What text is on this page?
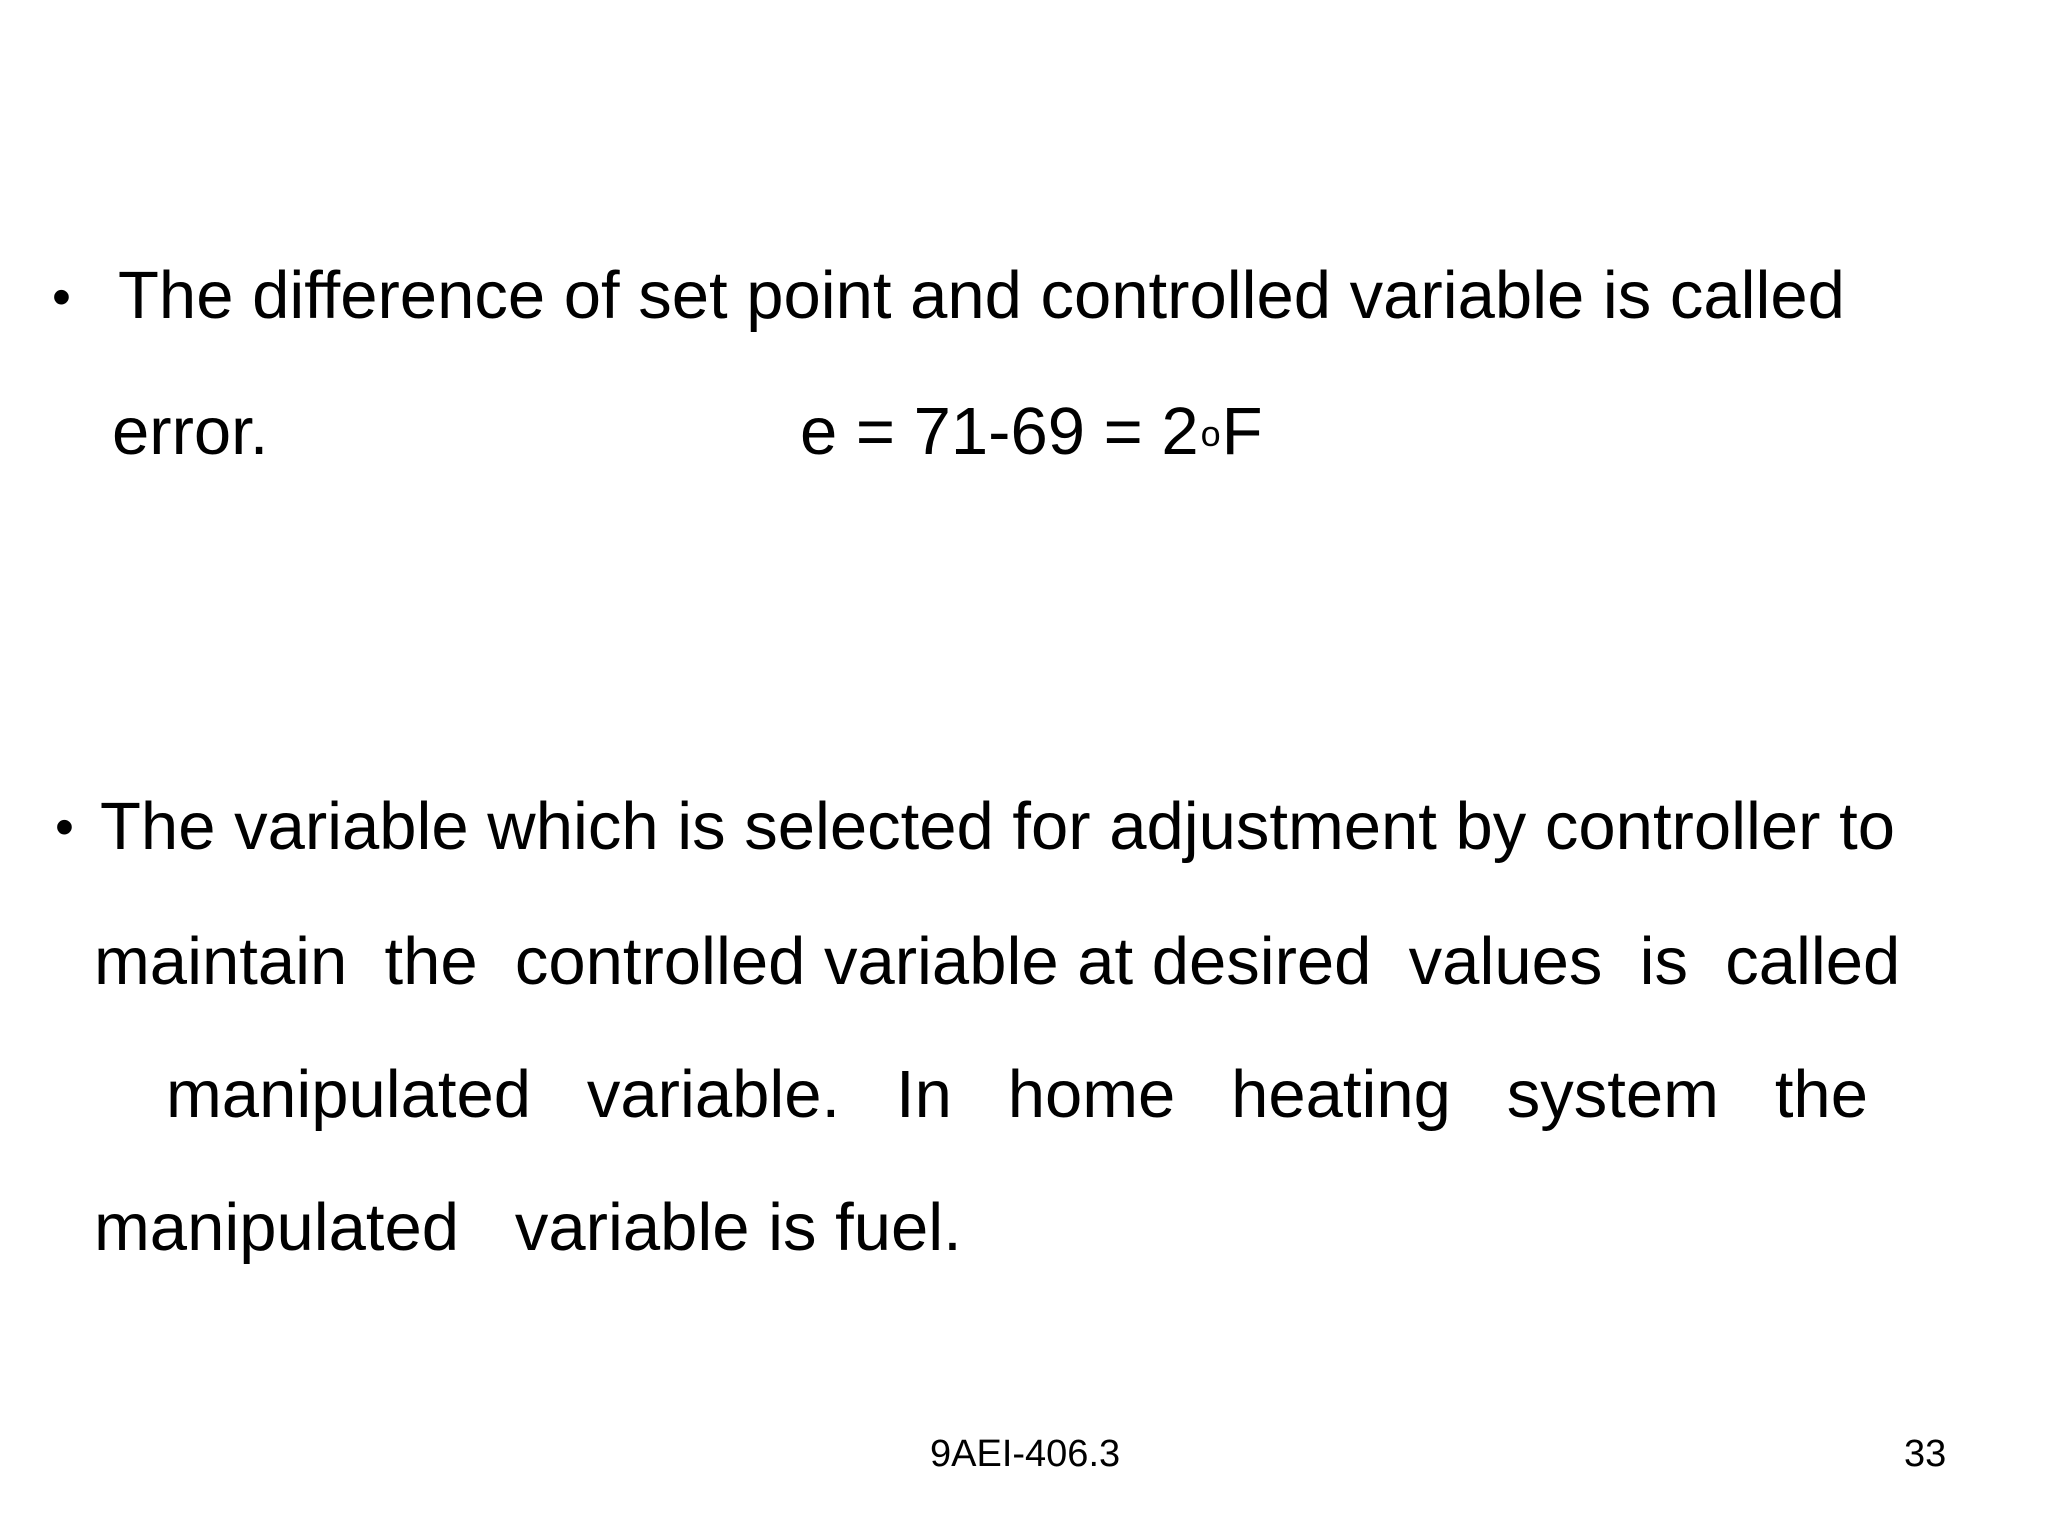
• The difference of set point and controlled variable is called

error.	e = 71-69 = 2oF

• The variable which is selected for adjustment by controller to

maintain  the  controlled variable at desired  values  is  called

manipulated   variable.   In   home   heating   system   the

manipulated   variable is fuel.

9AEI-406.3	33
